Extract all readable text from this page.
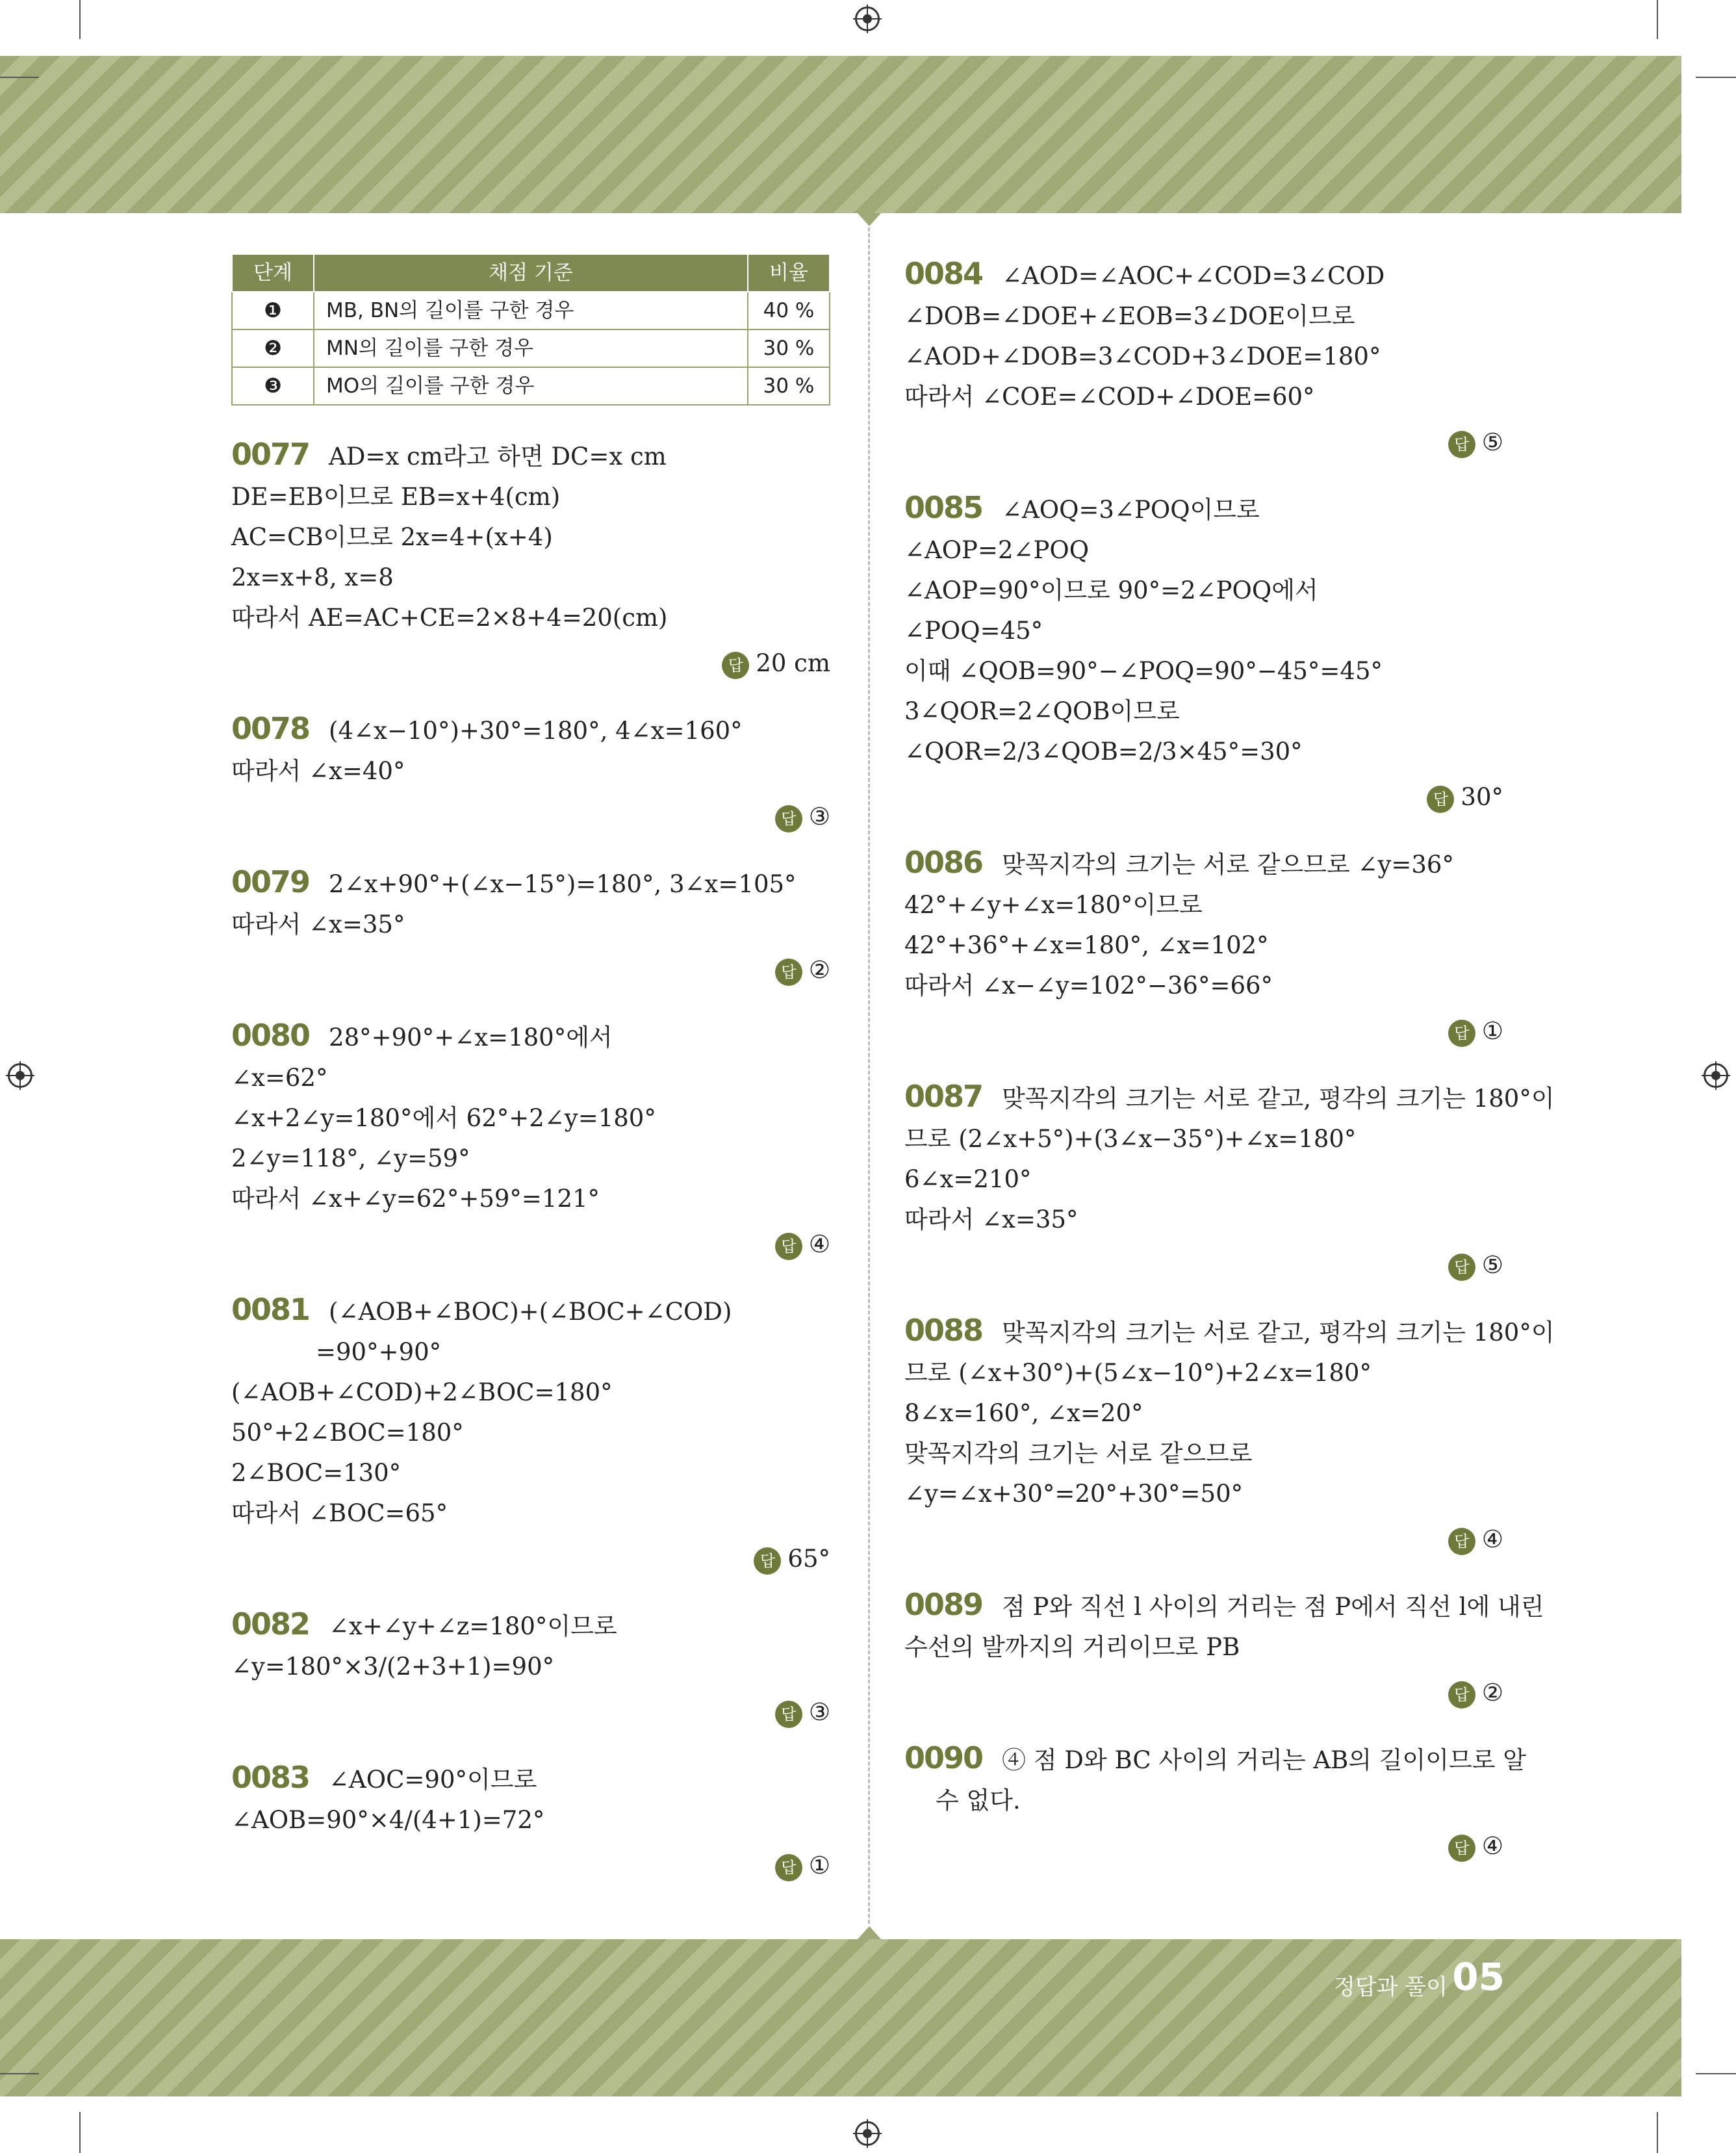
단계	채점 기준	비율
❶	MB, BN의 길이를 구한 경우	40 %
❷	MN의 길이를 구한 경우	30 %
❸	MO의 길이를 구한 경우	30 %
0077 AD=x cm라고 하면 DC=x cm
DE=EB이므로 EB=x+4(cm)
AC=CB이므로 2x=4+(x+4)
2x=x+8, x=8
따라서 AE=AC+CE=2×8+4=20(cm)
답 20 cm
0078 (4∠x−10°)+30°=180°, 4∠x=160°
따라서 ∠x=40°
답 ③
0079 2∠x+90°+(∠x−15°)=180°, 3∠x=105°
따라서 ∠x=35°
답 ②
0080 28°+90°+∠x=180°에서
∠x=62°
∠x+2∠y=180°에서 62°+2∠y=180°
2∠y=118°, ∠y=59°
따라서 ∠x+∠y=62°+59°=121°
답 ④
0081 (∠AOB+∠BOC)+(∠BOC+∠COD)
=90°+90°
(∠AOB+∠COD)+2∠BOC=180°
50°+2∠BOC=180°
2∠BOC=130°
따라서 ∠BOC=65°
답 65°
0082 ∠x+∠y+∠z=180°이므로
∠y=180°×3/(2+3+1)=90°
답 ③
0083 ∠AOC=90°이므로
∠AOB=90°×4/(4+1)=72°
답 ①
0084 ∠AOD=∠AOC+∠COD=3∠COD
∠DOB=∠DOE+∠EOB=3∠DOE이므로
∠AOD+∠DOB=3∠COD+3∠DOE=180°
따라서 ∠COE=∠COD+∠DOE=60°
답 ⑤
0085 ∠AOQ=3∠POQ이므로
∠AOP=2∠POQ
∠AOP=90°이므로 90°=2∠POQ에서
∠POQ=45°
이때 ∠QOB=90°−∠POQ=90°−45°=45°
3∠QOR=2∠QOB이므로
∠QOR=2/3∠QOB=2/3×45°=30°
답 30°
0086 맞꼭지각의 크기는 서로 같으므로 ∠y=36°
42°+∠y+∠x=180°이므로
42°+36°+∠x=180°, ∠x=102°
따라서 ∠x−∠y=102°−36°=66°
답 ①
0087 맞꼭지각의 크기는 서로 같고, 평각의 크기는 180°이
므로 (2∠x+5°)+(3∠x−35°)+∠x=180°
6∠x=210°
따라서 ∠x=35°
답 ⑤
0088 맞꼭지각의 크기는 서로 같고, 평각의 크기는 180°이
므로 (∠x+30°)+(5∠x−10°)+2∠x=180°
8∠x=160°, ∠x=20°
맞꼭지각의 크기는 서로 같으므로
∠y=∠x+30°=20°+30°=50°
답 ④
0089 점 P와 직선 l 사이의 거리는 점 P에서 직선 l에 내린
수선의 발까지의 거리이므로 PB
답 ②
0090 ④ 점 D와 BC 사이의 거리는 AB의 길이이므로 알
수 없다.
답 ④
정답과 풀이 05
